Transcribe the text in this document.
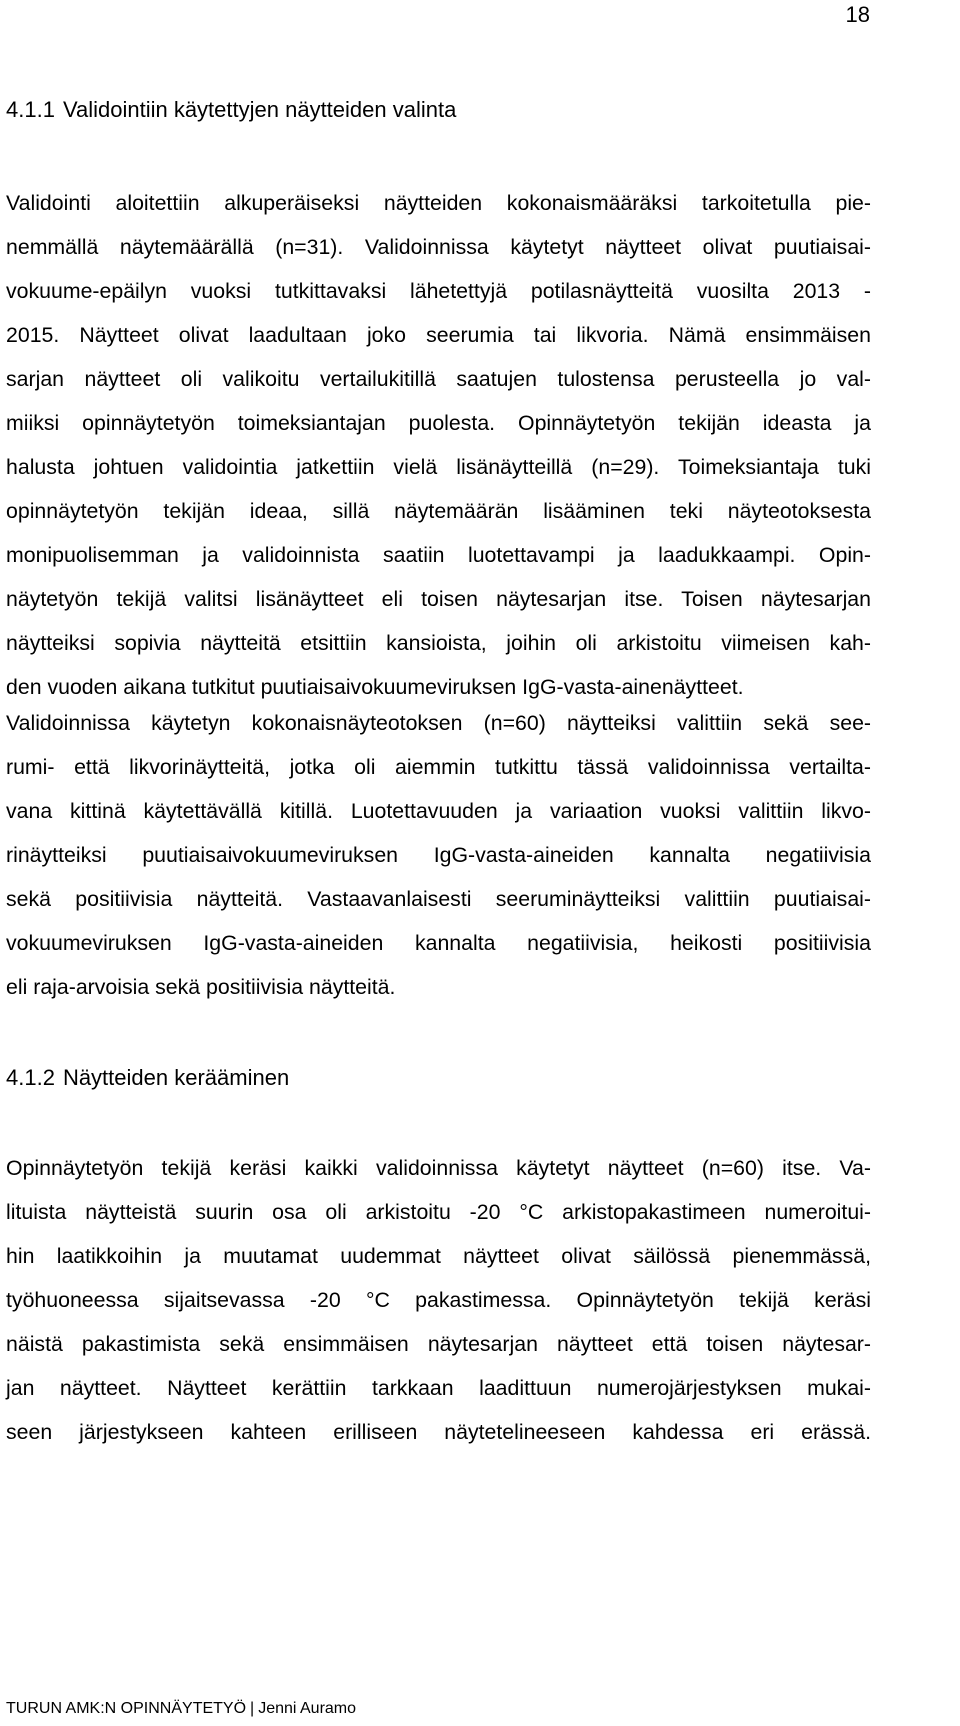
18
4.1.1 Validointiin käytettyjen näytteiden valinta
Validointi aloitettiin alkuperäiseksi näytteiden kokonaismääräksi tarkoitetulla pie-
nemmällä näytemäärällä (n=31). Validoinnissa käytetyt näytteet olivat puutiaisai-
vokuume-epäilyn vuoksi tutkittavaksi lähetettyjä potilasnäytteitä vuosilta 2013 -
2015. Näytteet olivat laadultaan joko seerumia tai likvoria. Nämä ensimmäisen
sarjan näytteet oli valikoitu vertailukitillä saatujen tulostensa perusteella jo val-
miiksi opinnäytetyön toimeksiantajan puolesta. Opinnäytetyön tekijän ideasta ja
halusta johtuen validointia jatkettiin vielä lisänäytteillä (n=29). Toimeksiantaja tuki
opinnäytetyön tekijän ideaa, sillä näytemäärän lisääminen teki näyteotoksesta
monipuolisemman ja validoinnista saatiin luotettavampi ja laadukkaampi. Opin-
näytetyön tekijä valitsi lisänäytteet eli toisen näytesarjan itse. Toisen näytesarjan
näytteiksi sopivia näytteitä etsittiin kansioista, joihin oli arkistoitu viimeisen kah-
den vuoden aikana tutkitut puutiaisaivokuumeviruksen IgG-vasta-ainenäytteet.
Validoinnissa käytetyn kokonaisnäyteotoksen (n=60) näytteiksi valittiin sekä see-
rumi- että likvorinäytteitä, jotka oli aiemmin tutkittu tässä validoinnissa vertailta-
vana kittinä käytettävällä kitillä. Luotettavuuden ja variaation vuoksi valittiin likvo-
rinäytteiksi puutiaisaivokuumeviruksen IgG-vasta-aineiden kannalta negatiivisia
sekä positiivisia näytteitä. Vastaavanlaisesti seeruminäytteiksi valittiin puutiaisai-
vokuumeviruksen IgG-vasta-aineiden kannalta negatiivisia, heikosti positiivisia
eli raja-arvoisia sekä positiivisia näytteitä.
4.1.2 Näytteiden kerääminen
Opinnäytetyön tekijä keräsi kaikki validoinnissa käytetyt näytteet (n=60) itse. Va-
lituista näytteistä suurin osa oli arkistoitu -20 °C arkistopakastimeen numeroitui-
hin laatikkoihin ja muutamat uudemmat näytteet olivat säilössä pienemmässä,
työhuoneessa sijaitsevassa -20 °C pakastimessa. Opinnäytetyön tekijä keräsi
näistä pakastimista sekä ensimmäisen näytesarjan näytteet että toisen näytesar-
jan näytteet. Näytteet kerättiin tarkkaan laadittuun numerojärjestyksen mukai-
seen järjestykseen kahteen erilliseen näytetelineeseen kahdessa eri erässä.
TURUN AMK:N OPINNÄYTETYÖ | Jenni Auramo
